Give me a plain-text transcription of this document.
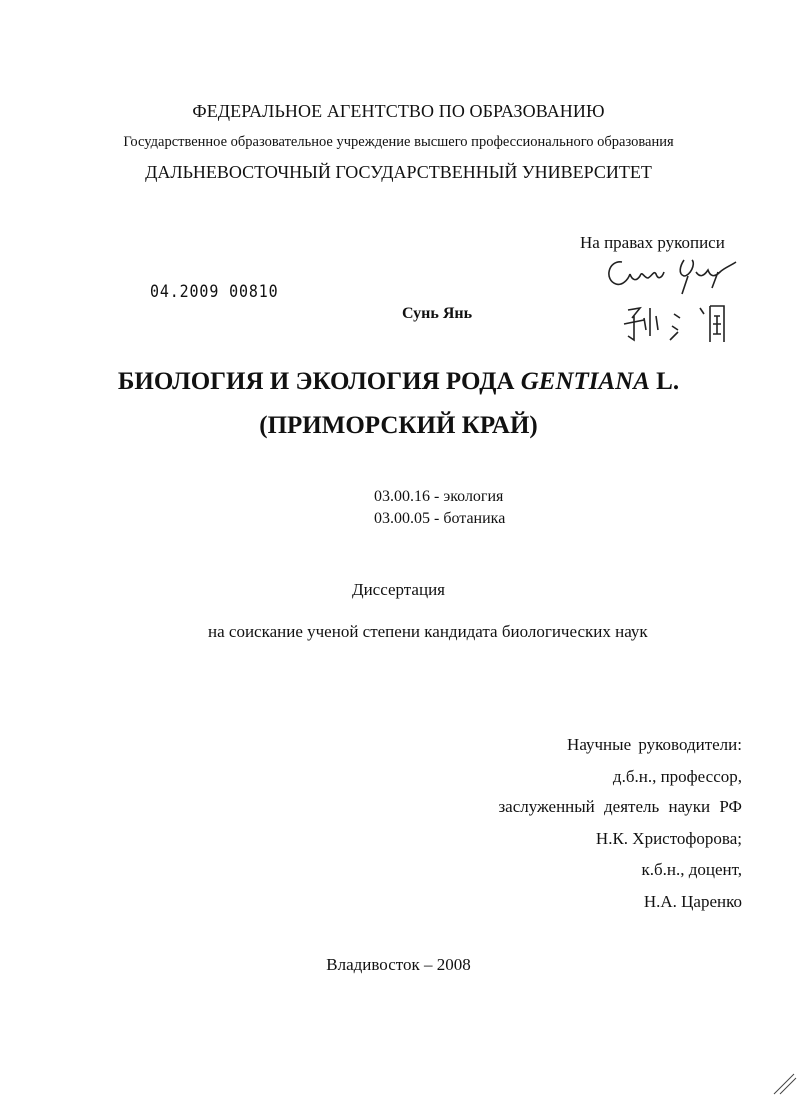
ФЕДЕРАЛЬНОЕ АГЕНТСТВО ПО ОБРАЗОВАНИЮ
Государственное образовательное учреждение высшего профессионального образования
ДАЛЬНЕВОСТОЧНЫЙ ГОСУДАРСТВЕННЫЙ УНИВЕРСИТЕТ
На правах рукописи
04.2009 00810
Сунь Янь
БИОЛОГИЯ И ЭКОЛОГИЯ РОДА GENTIANA L.
(ПРИМОРСКИЙ КРАЙ)
03.00.16 - экология
03.00.05 - ботаника
Диссертация
на соискание ученой степени кандидата биологических наук
Научные руководители:
д.б.н., профессор,
заслуженный деятель науки РФ
Н.К. Христофорова;
к.б.н., доцент,
Н.А. Царенко
Владивосток – 2008
